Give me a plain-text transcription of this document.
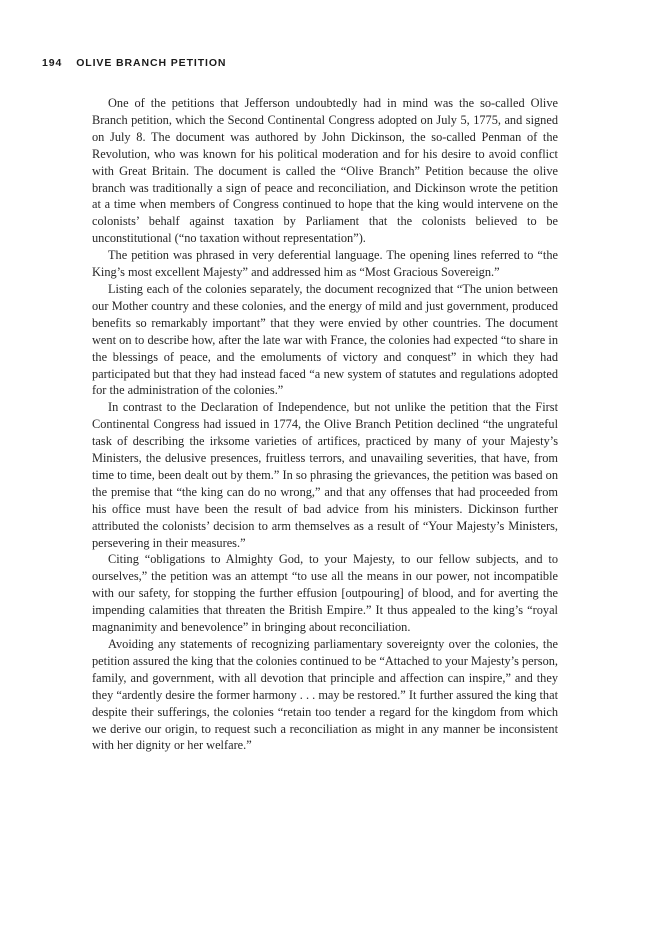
194 OLIVE BRANCH PETITION

One of the petitions that Jefferson undoubtedly had in mind was the so-called Olive Branch petition, which the Second Continental Congress adopted on July 5, 1775, and signed on July 8. The document was authored by John Dickinson, the so-called Penman of the Revolution, who was known for his political moderation and for his desire to avoid conflict with Great Britain. The document is called the “Olive Branch” Petition because the olive branch was traditionally a sign of peace and reconciliation, and Dickinson wrote the petition at a time when members of Congress continued to hope that the king would intervene on the colonists’ behalf against taxation by Parliament that the colonists believed to be unconstitutional (“no taxation without representation”).

The petition was phrased in very deferential language. The opening lines referred to “the King’s most excellent Majesty” and addressed him as “Most Gracious Sovereign.”

Listing each of the colonies separately, the document recognized that “The union between our Mother country and these colonies, and the energy of mild and just government, produced benefits so remarkably important” that they were envied by other countries. The document went on to describe how, after the late war with France, the colonies had expected “to share in the blessings of peace, and the emoluments of victory and conquest” in which they had participated but that they had instead faced “a new system of statutes and regulations adopted for the administration of the colonies.”

In contrast to the Declaration of Independence, but not unlike the petition that the First Continental Congress had issued in 1774, the Olive Branch Petition declined “the ungrateful task of describing the irksome varieties of artifices, practiced by many of your Majesty’s Ministers, the delusive presences, fruitless terrors, and unavailing severities, that have, from time to time, been dealt out by them.” In so phrasing the grievances, the petition was based on the premise that “the king can do no wrong,” and that any offenses that had proceeded from his office must have been the result of bad advice from his ministers. Dickinson further attributed the colonists’ decision to arm themselves as a result of “Your Majesty’s Ministers, persevering in their measures.”

Citing “obligations to Almighty God, to your Majesty, to our fellow subjects, and to ourselves,” the petition was an attempt “to use all the means in our power, not incompatible with our safety, for stopping the further effusion [outpouring] of blood, and for averting the impending calamities that threaten the British Empire.” It thus appealed to the king’s “royal magnanimity and benevolence” in bringing about reconciliation.

Avoiding any statements of recognizing parliamentary sovereignty over the colonies, the petition assured the king that the colonies continued to be “Attached to your Majesty’s person, family, and government, with all devotion that principle and affection can inspire,” and they they “ardently desire the former harmony . . . may be restored.” It further assured the king that despite their sufferings, the colonies “retain too tender a regard for the kingdom from which we derive our origin, to request such a reconciliation as might in any manner be inconsistent with her dignity or her welfare.”
